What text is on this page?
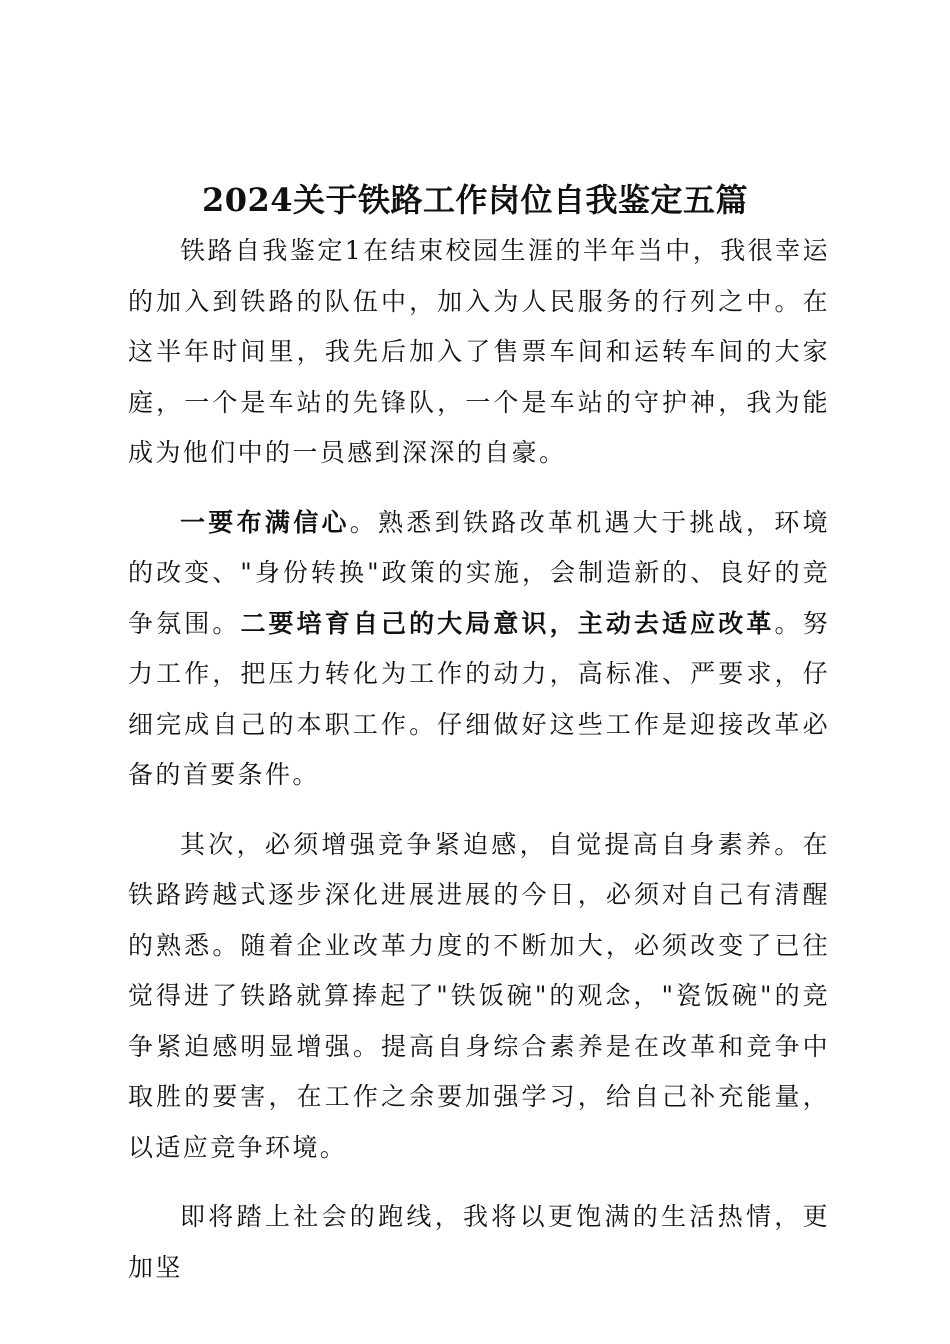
2024关于铁路工作岗位自我鉴定五篇

铁路自我鉴定1在结束校园生涯的半年当中，我很幸运的加入到铁路的队伍中，加入为人民服务的行列之中。在这半年时间里，我先后加入了售票车间和运转车间的大家庭，一个是车站的先锋队，一个是车站的守护神，我为能成为他们中的一员感到深深的自豪。

一要布满信心。熟悉到铁路改革机遇大于挑战，环境的改变、"身份转换"政策的实施，会制造新的、良好的竞争氛围。二要培育自己的大局意识，主动去适应改革。努力工作，把压力转化为工作的动力，高标准、严要求，仔细完成自己的本职工作。仔细做好这些工作是迎接改革必备的首要条件。

其次，必须增强竞争紧迫感，自觉提高自身素养。在铁路跨越式逐步深化进展进展的今日，必须对自己有清醒的熟悉。随着企业改革力度的不断加大，必须改变了已往觉得进了铁路就算捧起了"铁饭碗"的观念，"瓷饭碗"的竞争紧迫感明显增强。提高自身综合素养是在改革和竞争中取胜的要害，在工作之余要加强学习，给自己补充能量，以适应竞争环境。

即将踏上社会的跑线，我将以更饱满的生活热情，更加坚
